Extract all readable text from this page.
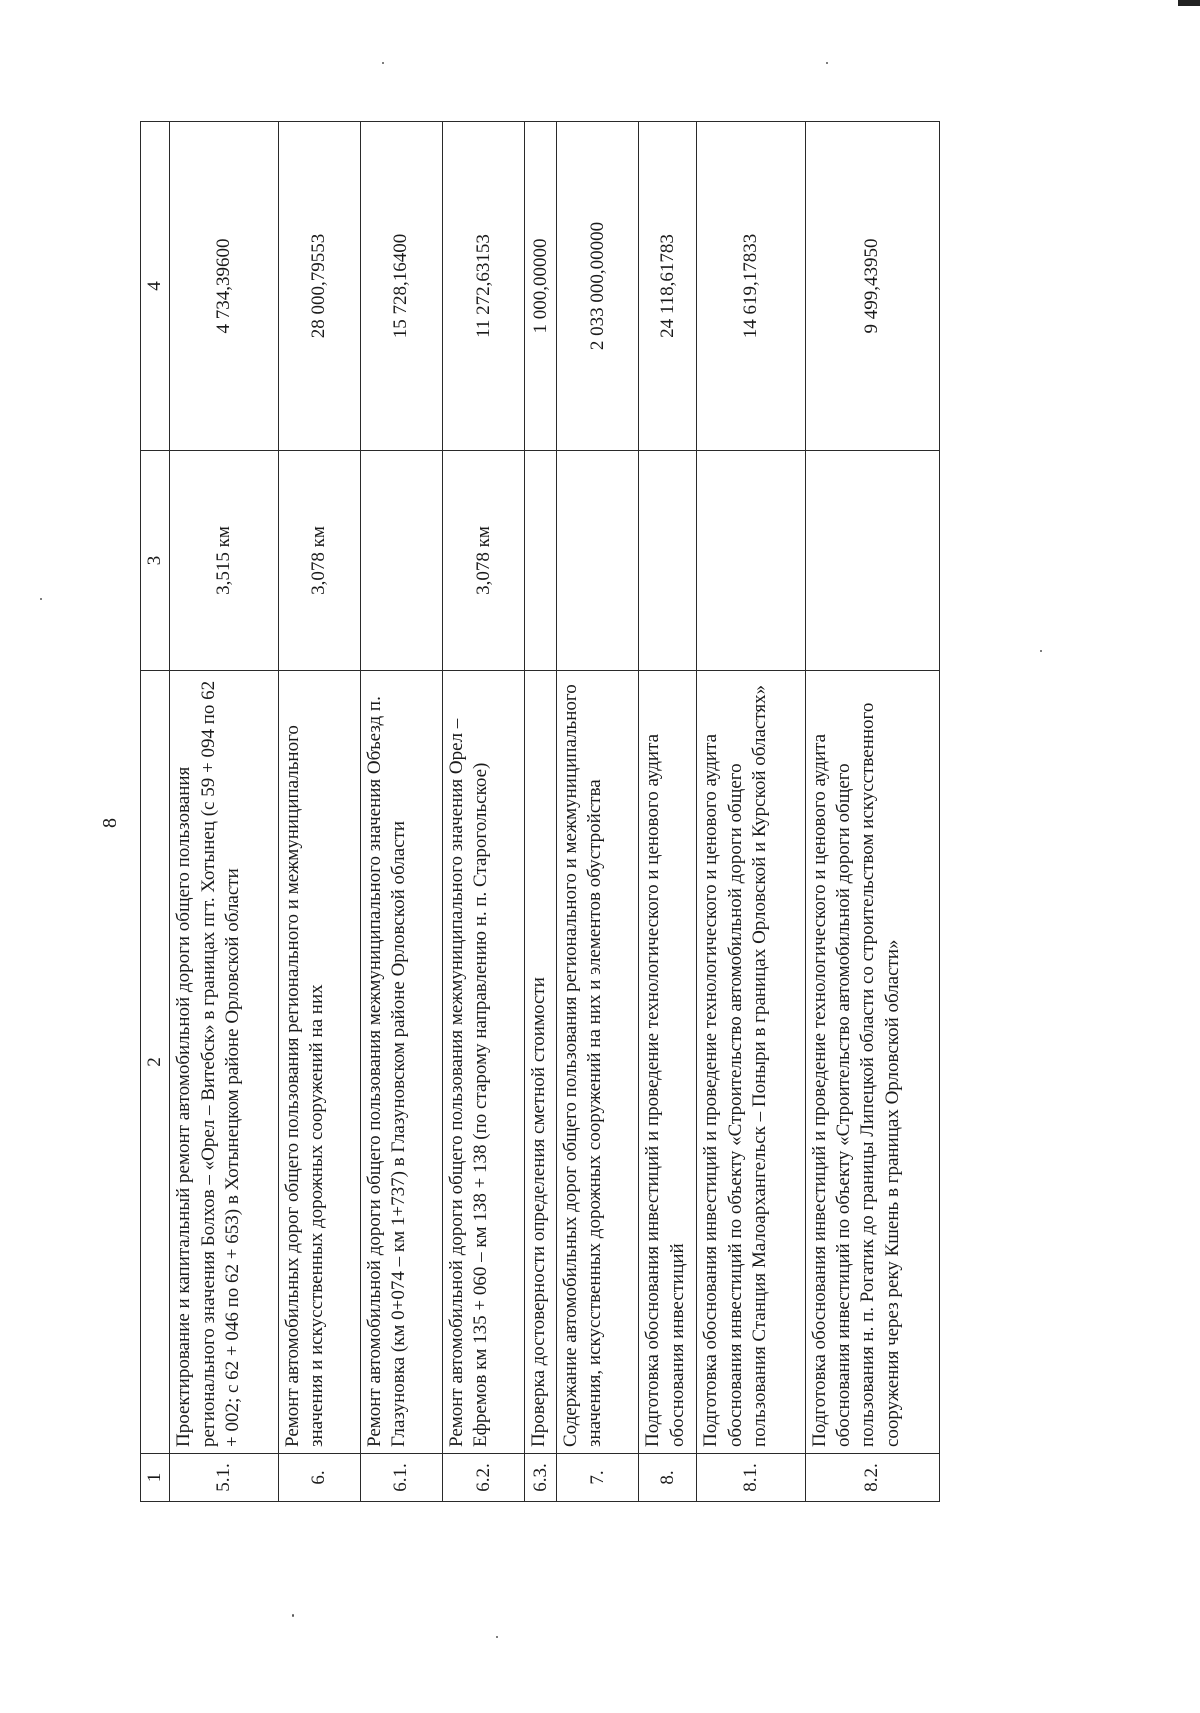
8
1	2	3	4
5.1.	Проектирование и капитальный ремонт автомобильной дороги общего пользования регионального значения Болхов – «Орел – Витебск» в границах пгт. Хотынец (с 59 + 094 по 62 + 002; с 62 + 046 по 62 + 653) в Хотынецком районе Орловской области	3,515 км	4 734,39600
6.	Ремонт автомобильных дорог общего пользования регионального и межмуниципального значения и искусственных дорожных сооружений на них	3,078 км	28 000,79553
6.1.	Ремонт автомобильной дороги общего пользования межмуниципального значения Объезд п. Глазуновка (км 0+074 – км 1+737) в Глазуновском районе Орловской области		15 728,16400
6.2.	Ремонт автомобильной дороги общего пользования межмуниципального значения Орел – Ефремов км 135 + 060 – км 138 + 138 (по старому направлению н. п. Старогольское)	3,078 км	11 272,63153
6.3.	Проверка достоверности определения сметной стоимости		1 000,00000
7.	Содержание автомобильных дорог общего пользования регионального и межмуниципального значения, искусственных дорожных сооружений на них и элементов обустройства		2 033 000,00000
8.	Подготовка обоснования инвестиций и проведение технологического и ценового аудита обоснования инвестиций		24 118,61783
8.1.	Подготовка обоснования инвестиций и проведение технологического и ценового аудита обоснования инвестиций по объекту «Строительство автомобильной дороги общего пользования Станция Малоархангельск – Поныри в границах Орловской и Курской областях»		14 619,17833
8.2.	Подготовка обоснования инвестиций и проведение технологического и ценового аудита обоснования инвестиций по объекту «Строительство автомобильной дороги общего пользования н. п. Рогатик до границы Липецкой области со строительством искусственного сооружения через реку Кшень в границах Орловской области»		9 499,43950
